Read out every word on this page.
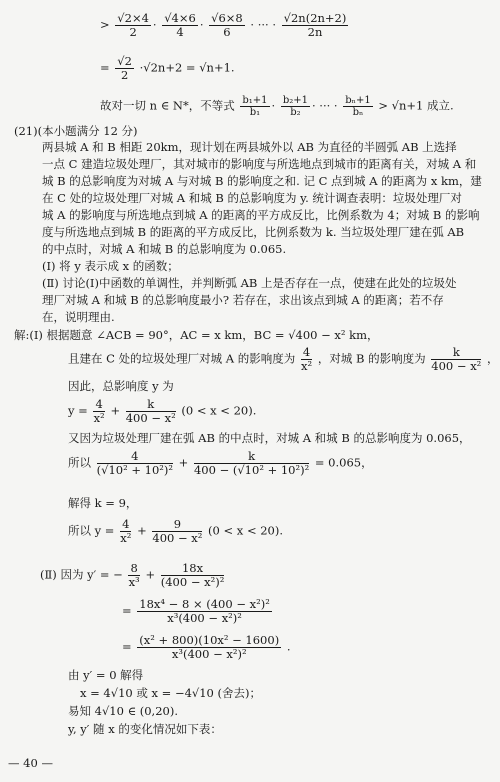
> $\frac{√2\times 4}{2} \cdot \frac{√4\times 6}{4} \cdot \frac{√6\times 8}{6}$ · ··· · $\frac{√2n(2n+2)}{2n}$
= $\frac{√2}{2} \cdot√2n+2 = √n+1$.
故对一切 n ∈ N*，不等式 $\frac{\text{b₁+1}}{\text{b₁}} \cdot \frac{\text{b₂+1}}{\text{b₂}}$ · ··· · $\frac{\text{bₙ+1}}{\text{bₙ}} > √n+1$ 成立.
(21)(本小题满分 12 分)
两县城 A 和 B 相距 20km，现计划在两县城外以 AB 为直径的半圆弧 AB 上选择
一点 C 建造垃圾处理厂，其对城市的影响度与所选地点到城市的距离有关，对城 A 和
城 B 的总影响度为对城 A 与对城 B 的影响度之和. 记 C 点到城 A 的距离为 x km，建
在 C 处的垃圾处理厂对城 A 和城 B 的总影响度为 y. 统计调查表明：垃圾处理厂对
城 A 的影响度与所选地点到城 A 的距离的平方成反比，比例系数为 4；对城 B 的影响
度与所选地点到城 B 的距离的平方成反比，比例系数为 k. 当垃圾处理厂建在弧 AB
的中点时，对城 A 和城 B 的总影响度为 0.065.
(Ⅰ) 将 y 表示成 x 的函数；
(Ⅱ) 讨论(Ⅰ)中函数的单调性，并判断弧 AB 上是否存在一点，使建在此处的垃圾处
理厂对城 A 和城 B 的总影响度最小? 若存在，求出该点到城 A 的距离；若不存
在，说明理由.
解:(Ⅰ) 根据题意 ∠ACB = 90°，AC = x km，BC = √400 − x² km，
且建在 C 处的垃圾处理厂对城 A 的影响度为 $\frac{4}{\text{x²}}$ ，对城 B 的影响度为 $\frac{k}{\text{400 − x²}}$ ，
因此，总影响度 y 为
$y = \frac{4}{\text{x²}} + \frac{k}{\text{400 − x²}} (0 < x < 20)$.
又因为垃圾处理厂建在弧 AB 的中点时，对城 A 和城 B 的总影响度为 0.065，
所以 $\frac{4}{\text{(√10² + 10²)²}} + \frac{k}{\text{400 − (√10² + 10²)²}} = 0.065$，
解得 k = 9，
所以 $y = \frac{4}{\text{x²}} + \frac{9}{\text{400 − x²}} (0 < x < 20)$.
(Ⅱ) 因为 y′ = − $\frac{8}{\text{x³}} + \frac{18x}{\text{(400 − x²)²}}$
= $\frac{\text{18x⁴ − 8 × (400 − x²)²}}{\text{x³(400 − x²)²}}$
= $\frac{\text{(x² + 800)(10x² − 1600)}}{\text{x³(400 − x²)²}}$ .
由 y′ = 0 解得
x = 4√10 或 x = −4√10 (舍去)；
易知 4√10 ∈ (0,20).
y, y′ 随 x 的变化情况如下表：
— 40 —
